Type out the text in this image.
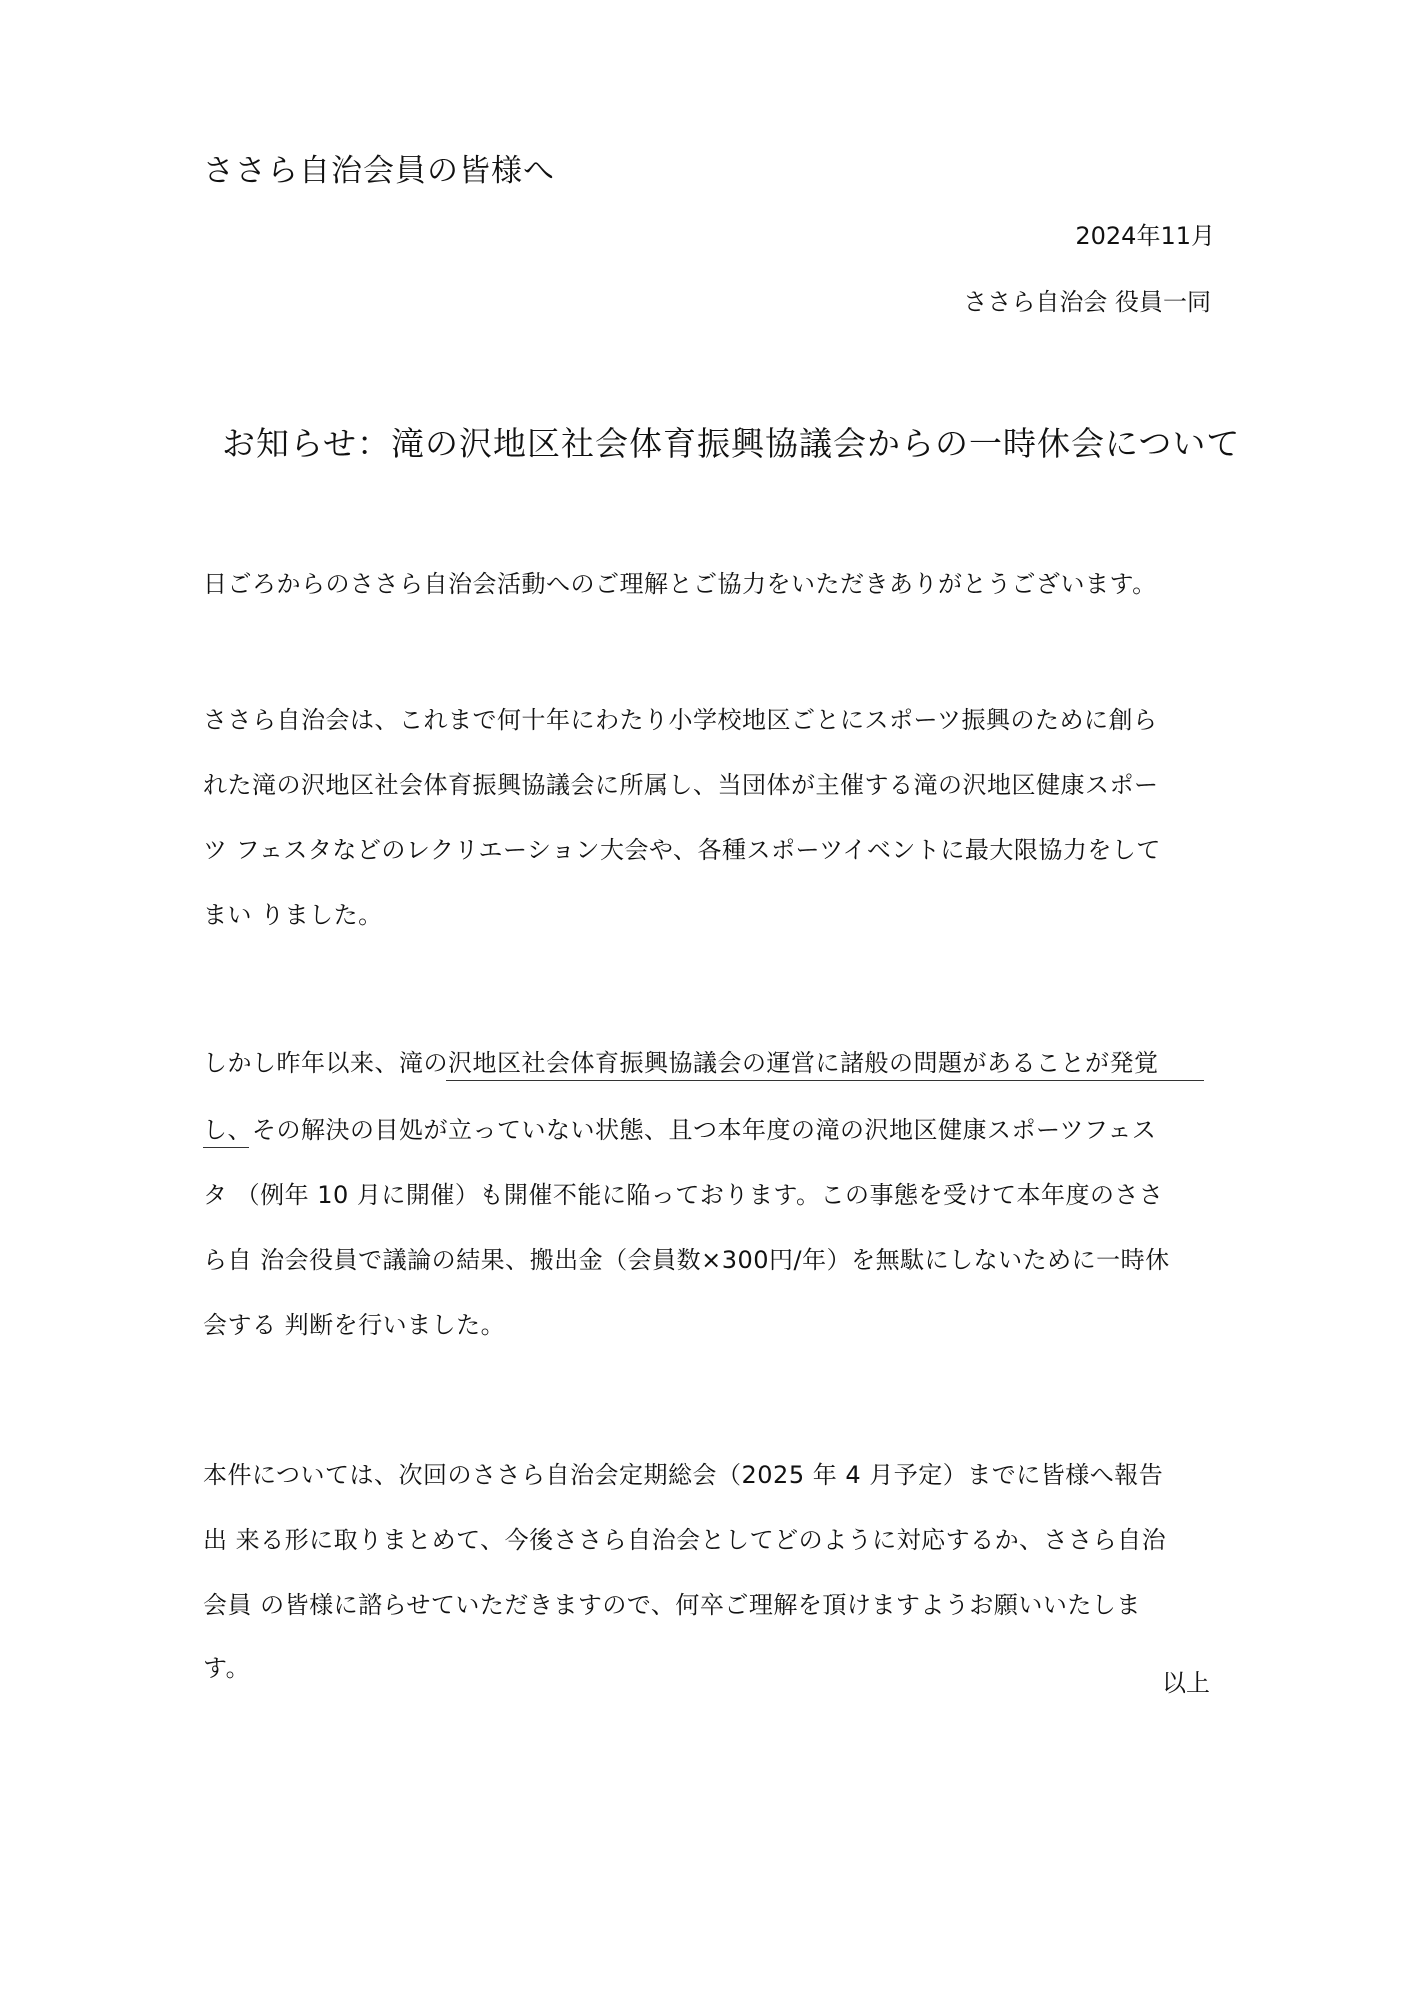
ささら自治会員の皆様へ
2024年11月
ささら自治会 役員一同
お知らせ：滝の沢地区社会体育振興協議会からの一時休会について
日ごろからのささら自治会活動へのご理解とご協力をいただきありがとうございます。
ささら自治会は、これまで何十年にわたり小学校地区ごとにスポーツ振興のために創ら
れた滝の沢地区社会体育振興協議会に所属し、当団体が主催する滝の沢地区健康スポー
ツ フェスタなどのレクリエーション大会や、各種スポーツイベントに最大限協力をして
まい りました。
しかし昨年以来、滝の沢地区社会体育振興協議会の運営に諸般の問題があることが発覚
し、その解決の目処が立っていない状態、且つ本年度の滝の沢地区健康スポーツフェス
タ （例年 10 月に開催）も開催不能に陥っております。この事態を受けて本年度のささ
ら自 治会役員で議論の結果、搬出金（会員数×300円/年）を無駄にしないために一時休
会する 判断を行いました。
本件については、次回のささら自治会定期総会（2025 年 4 月予定）までに皆様へ報告
出 来る形に取りまとめて、今後ささら自治会としてどのように対応するか、ささら自治
会員 の皆様に諮らせていただきますので、何卒ご理解を頂けますようお願いいたしま
す。
以上
